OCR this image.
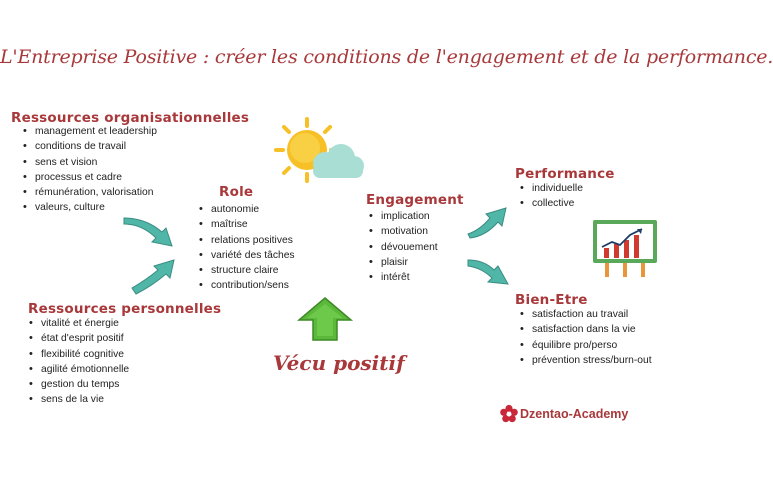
L'Entreprise Positive : créer les conditions de l'engagement et de la performance.
Ressources organisationnelles
• management et leadership
• conditions de travail
• sens et vision
• processus et cadre
• rémunération, valorisation
• valeurs, culture
Ressources personnelles
• vitalité et énergie
• état d'esprit positif
• flexibilité cognitive
• agilité émotionnelle
• gestion du temps
• sens de la vie
Role
• autonomie
• maîtrise
• relations positives
• variété des tâches
• structure claire
• contribution/sens
Engagement
• implication
• motivation
• dévouement
• plaisir
• intérêt
Performance
• individuelle
• collective
Bien-Etre
• satisfaction au travail
• satisfaction dans la vie
• équilibre pro/perso
• prévention stress/burn-out
Vécu positif
Dzentao-Academy
